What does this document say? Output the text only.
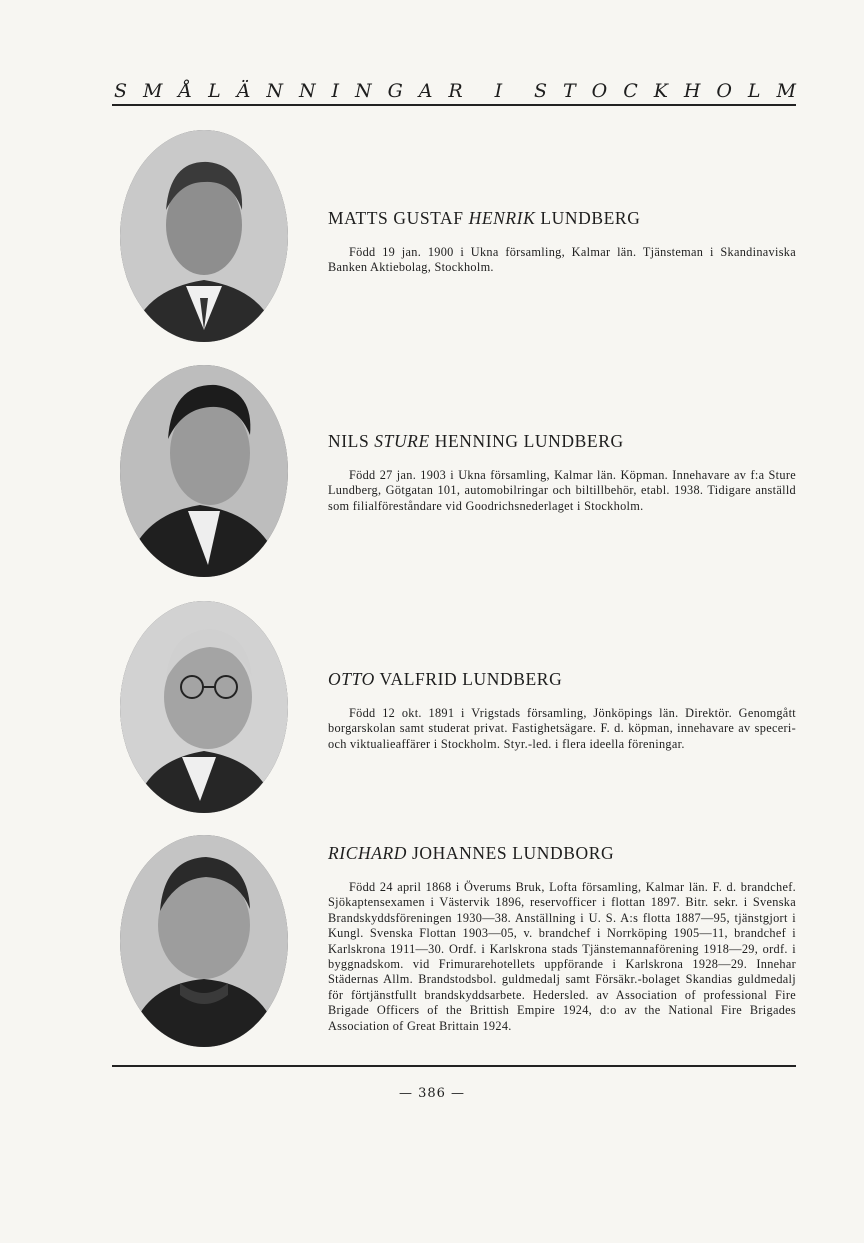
S M Å L Ä N N I N G A R I S T O C K H O L M

MATTS GUSTAF HENRIK LUNDBERG

Född 19 jan. 1900 i Ukna församling, Kalmar län. Tjänsteman i Skandinaviska Banken Aktiebolag, Stockholm.

NILS STURE HENNING LUNDBERG

Född 27 jan. 1903 i Ukna församling, Kalmar län. Köpman. Innehavare av f:a Sture Lundberg, Götgatan 101, automobilringar och biltillbehör, etabl. 1938. Tidigare anställd som filialföreståndare vid Goodrichsnederlaget i Stockholm.

OTTO VALFRID LUNDBERG

Född 12 okt. 1891 i Vrigstads församling, Jönköpings län. Direktör. Genomgått borgarskolan samt studerat privat. Fastighetsägare. F. d. köpman, innehavare av speceri- och viktualieaffärer i Stockholm. Styr.-led. i flera ideella föreningar.

RICHARD JOHANNES LUNDBORG

Född 24 april 1868 i Överums Bruk, Lofta församling, Kalmar län. F. d. brandchef. Sjökaptensexamen i Västervik 1896, reservofficer i flottan 1897. Bitr. sekr. i Svenska Brandskyddsföreningen 1930—38. Anställning i U. S. A:s flotta 1887—95, tjänstgjort i Kungl. Svenska Flottan 1903—05, v. brandchef i Norrköping 1905—11, brandchef i Karlskrona 1911—30. Ordf. i Karlskrona stads Tjänstemannaförening 1918—29, ordf. i byggnadskom. vid Frimurarehotellets uppförande i Karlskrona 1928—29. Innehar Städernas Allm. Brandstodsbol. guldmedalj samt Försäkr.-bolaget Skandias guldmedalj för förtjänstfullt brandskyddsarbete. Hedersled. av Association of professional Fire Brigade Officers of the Brittish Empire 1924, d:o av the National Fire Brigades Association of Great Brittain 1924.

— 386 —
